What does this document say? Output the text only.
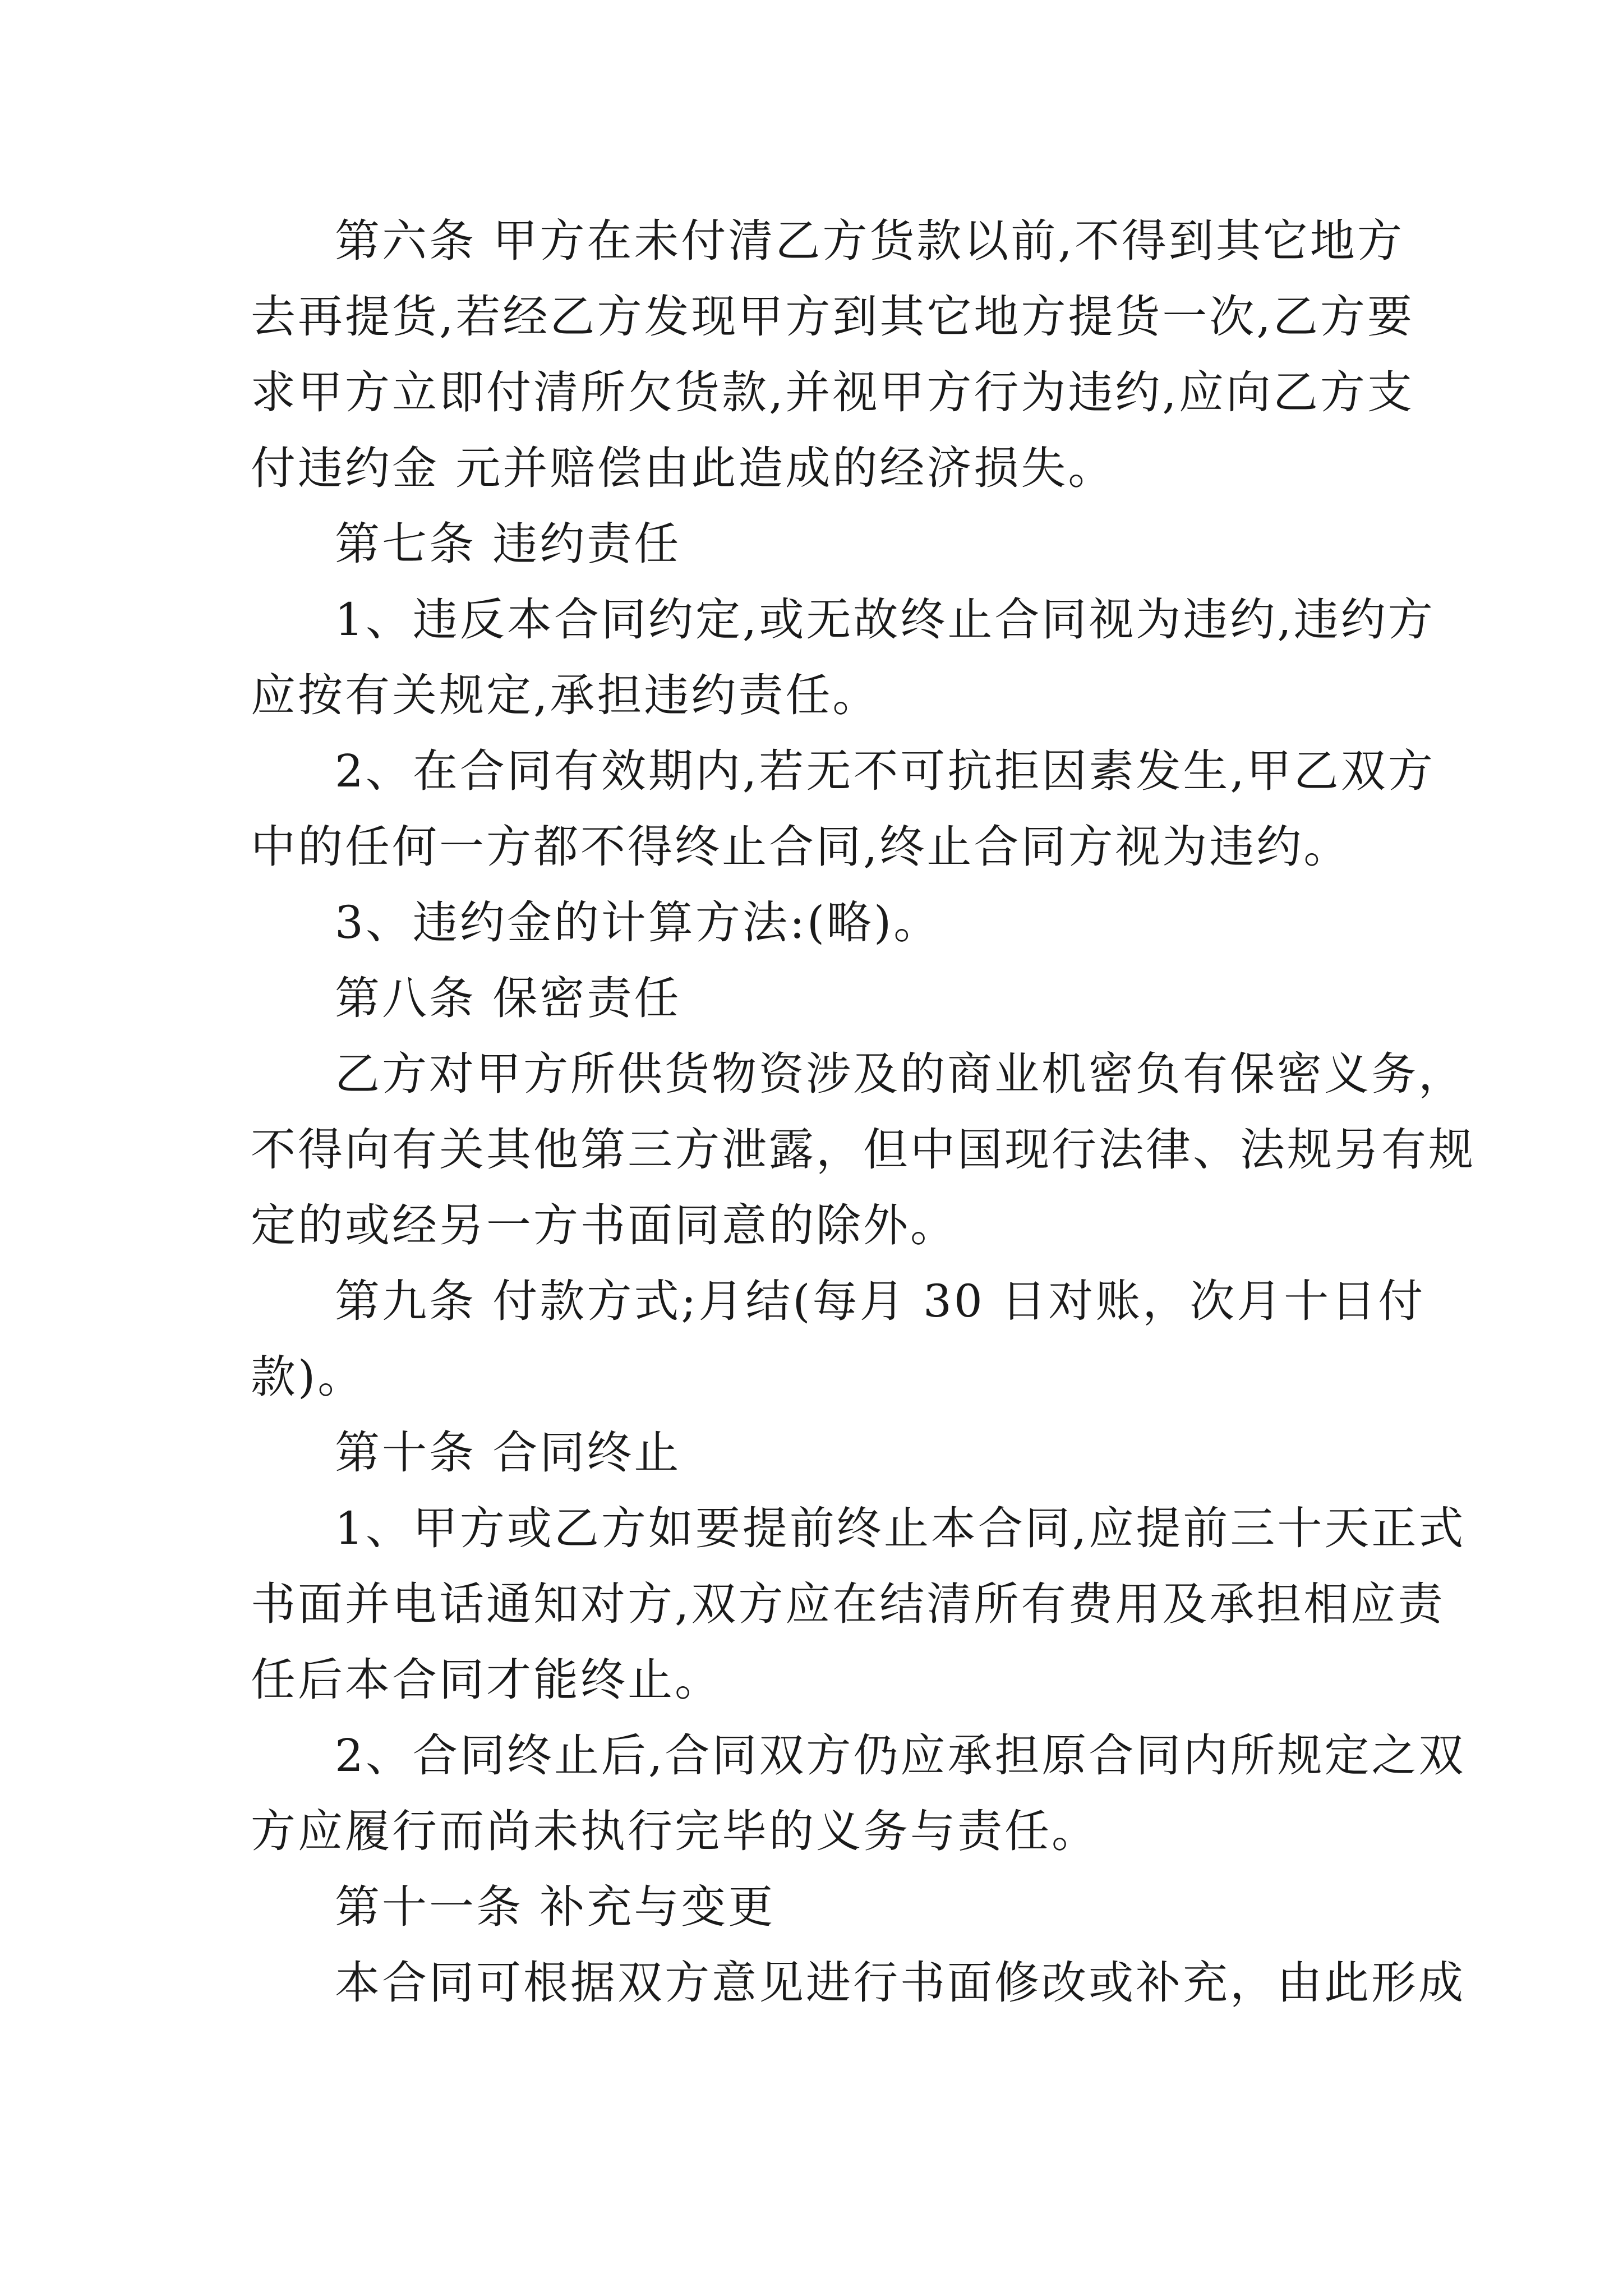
第六条 甲方在未付清乙方货款以前,不得到其它地方
去再提货,若经乙方发现甲方到其它地方提货一次,乙方要
求甲方立即付清所欠货款,并视甲方行为违约,应向乙方支
付违约金 元并赔偿由此造成的经济损失。
第七条 违约责任
1、违反本合同约定,或无故终止合同视为违约,违约方
应按有关规定,承担违约责任。
2、在合同有效期内,若无不可抗拒因素发生,甲乙双方
中的任何一方都不得终止合同,终止合同方视为违约。
3、违约金的计算方法:(略)。
第八条 保密责任
乙方对甲方所供货物资涉及的商业机密负有保密义务，
不得向有关其他第三方泄露，但中国现行法律、法规另有规
定的或经另一方书面同意的除外。
第九条 付款方式;月结(每月 30 日对账，次月十日付
款)。
第十条 合同终止
1、甲方或乙方如要提前终止本合同,应提前三十天正式
书面并电话通知对方,双方应在结清所有费用及承担相应责
任后本合同才能终止。
2、合同终止后,合同双方仍应承担原合同内所规定之双
方应履行而尚未执行完毕的义务与责任。
第十一条 补充与变更
本合同可根据双方意见进行书面修改或补充，由此形成
